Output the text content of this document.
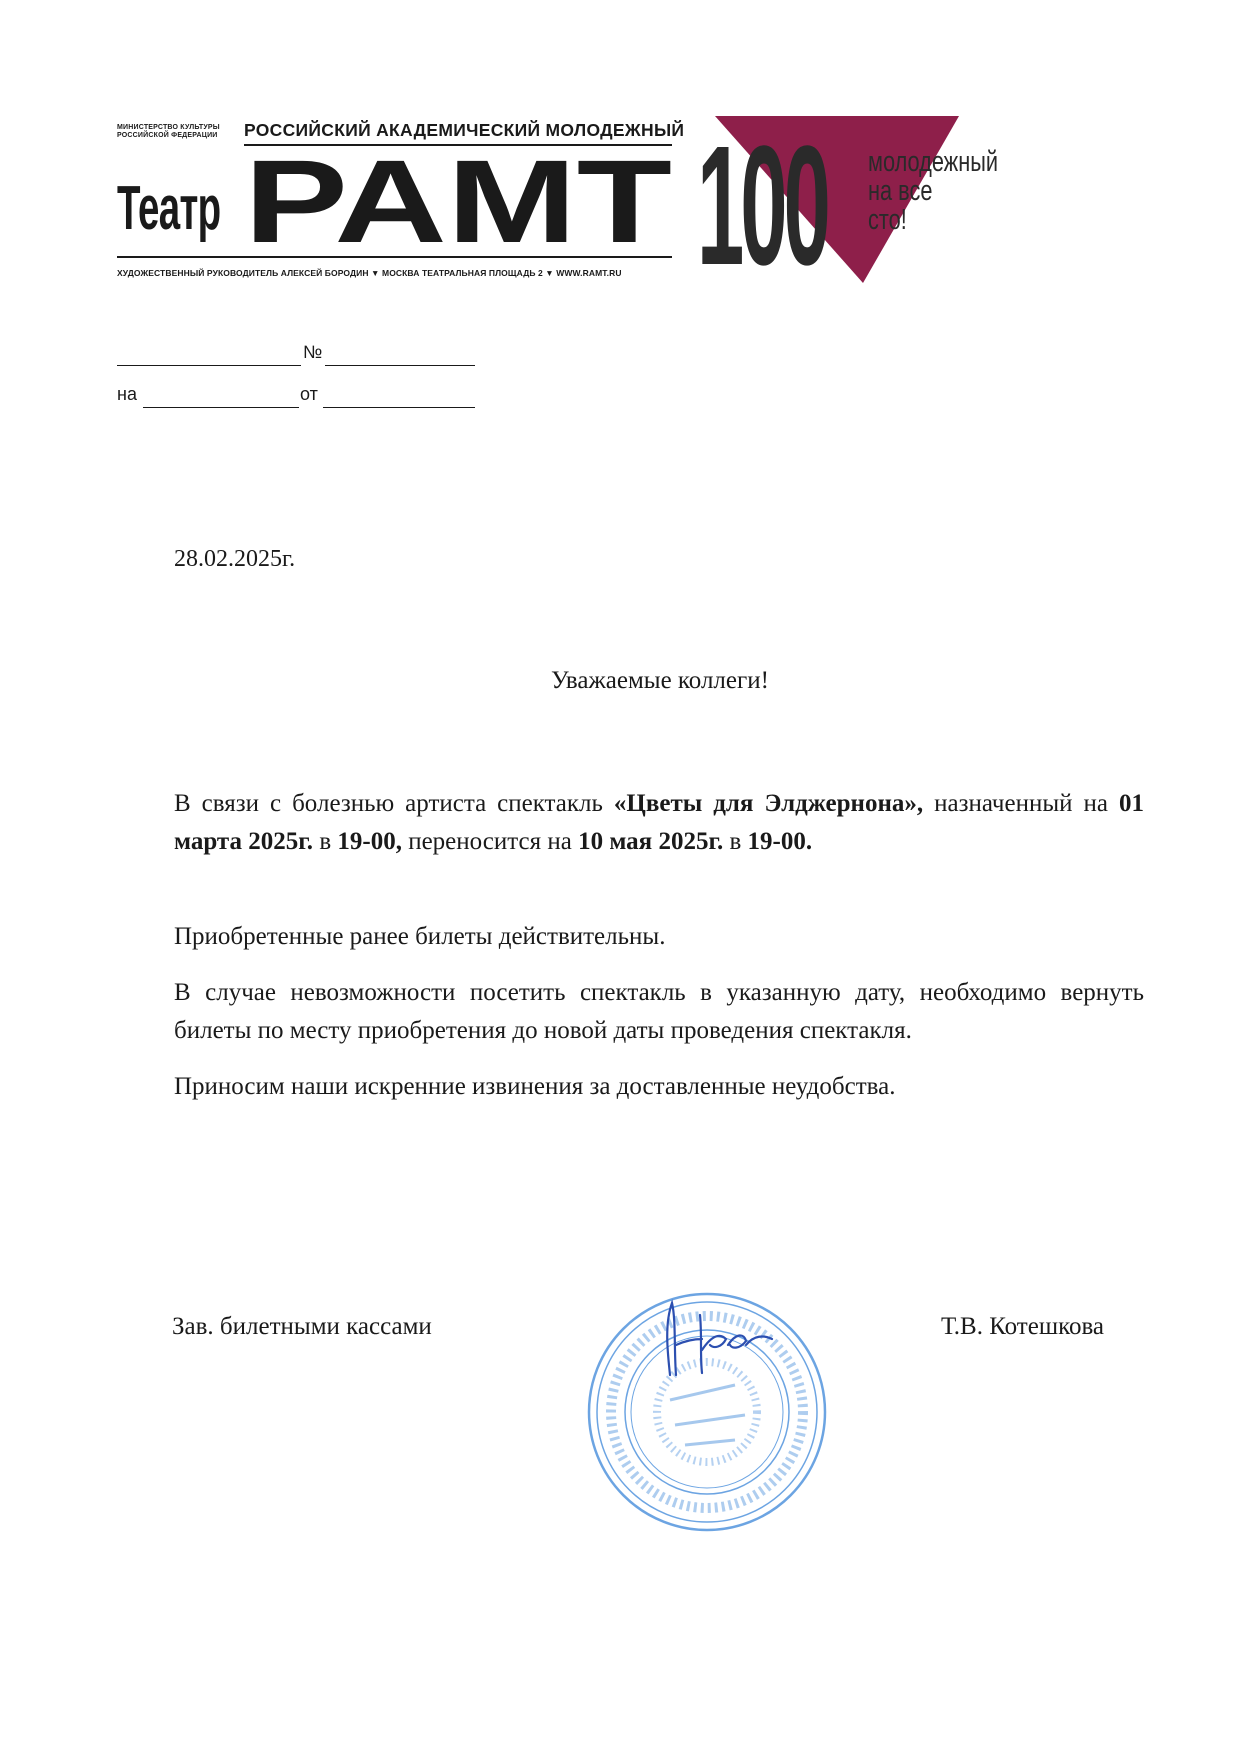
МИНИСТЕРСТВО КУЛЬТУРЫ
РОССИЙСКОЙ ФЕДЕРАЦИИ	РОССИЙСКИЙ АКАДЕМИЧЕСКИЙ МОЛОДЕЖНЫЙ
Театр РАМТ
ХУДОЖЕСТВЕННЫЙ РУКОВОДИТЕЛЬ АЛЕКСЕЙ БОРОДИН ▼ МОСКВА ТЕАТРАЛЬНАЯ ПЛОЩАДЬ 2 ▼ WWW.RAMT.RU 100 молодежный
на все
сто!
№
на	от
28.02.2025г.
Уважаемые коллеги!
В связи с болезнью артиста спектакль «Цветы для Элджернона», назначенный на 01 марта 2025г. в 19-00, переносится на 10 мая 2025г. в 19-00.
Приобретенные ранее билеты действительны.
В случае невозможности посетить спектакль в указанную дату, необходимо вернуть билеты по месту приобретения до новой даты проведения спектакля.
Приносим наши искренние извинения за доставленные неудобства.
Зав. билетными кассами	Т.В. Котешкова
